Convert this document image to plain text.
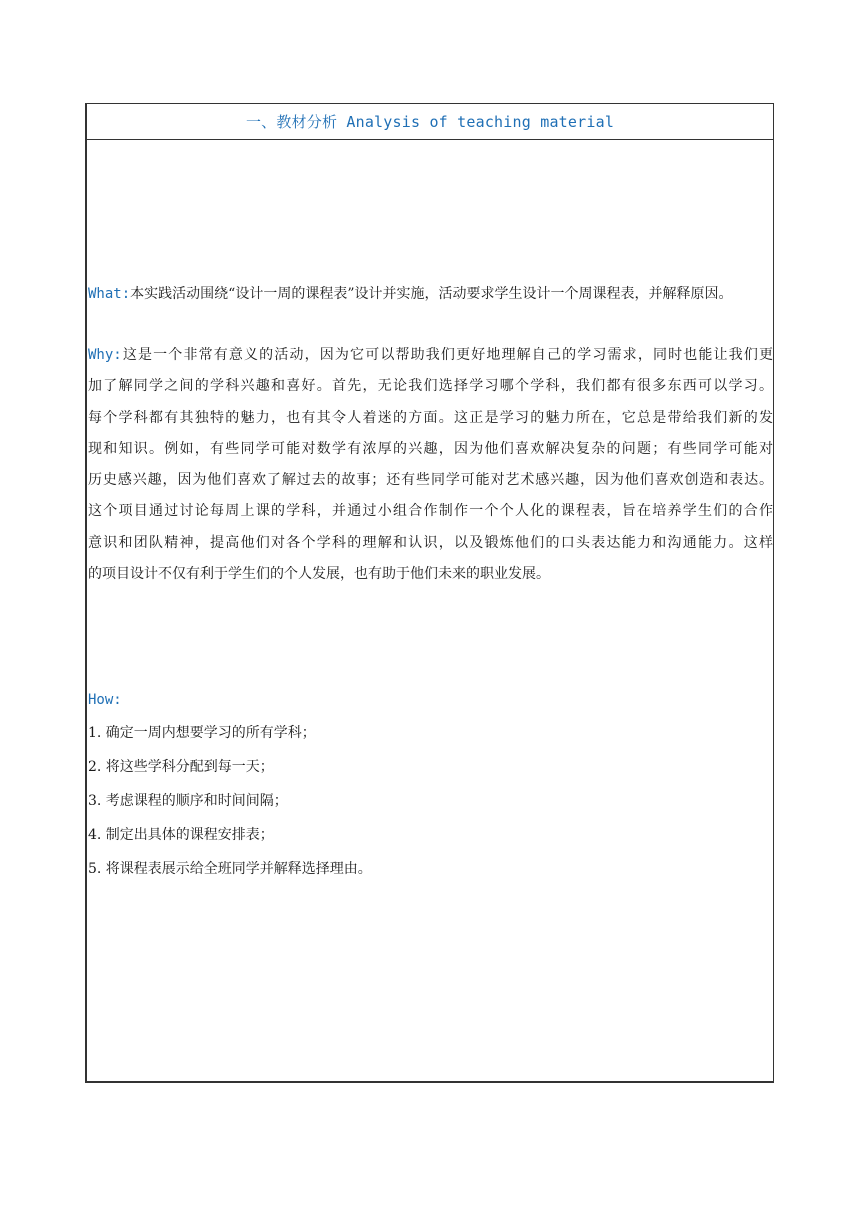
一、教材分析 Analysis of teaching material
What:本实践活动围绕“设计一周的课程表”设计并实施，活动要求学生设计一个周课程表，并解释原因。
Why:这是一个非常有意义的活动，因为它可以帮助我们更好地理解自己的学习需求，同时也能让我们更
加了解同学之间的学科兴趣和喜好。首先，无论我们选择学习哪个学科，我们都有很多东西可以学习。
每个学科都有其独特的魅力，也有其令人着迷的方面。这正是学习的魅力所在，它总是带给我们新的发
现和知识。例如，有些同学可能对数学有浓厚的兴趣，因为他们喜欢解决复杂的问题；有些同学可能对
历史感兴趣，因为他们喜欢了解过去的故事；还有些同学可能对艺术感兴趣，因为他们喜欢创造和表达。
这个项目通过讨论每周上课的学科，并通过小组合作制作一个个人化的课程表，旨在培养学生们的合作
意识和团队精神，提高他们对各个学科的理解和认识，以及锻炼他们的口头表达能力和沟通能力。这样
的项目设计不仅有利于学生们的个人发展，也有助于他们未来的职业发展。
How:
1. 确定一周内想要学习的所有学科；
2. 将这些学科分配到每一天；
3. 考虑课程的顺序和时间间隔；
4. 制定出具体的课程安排表；
5. 将课程表展示给全班同学并解释选择理由。
